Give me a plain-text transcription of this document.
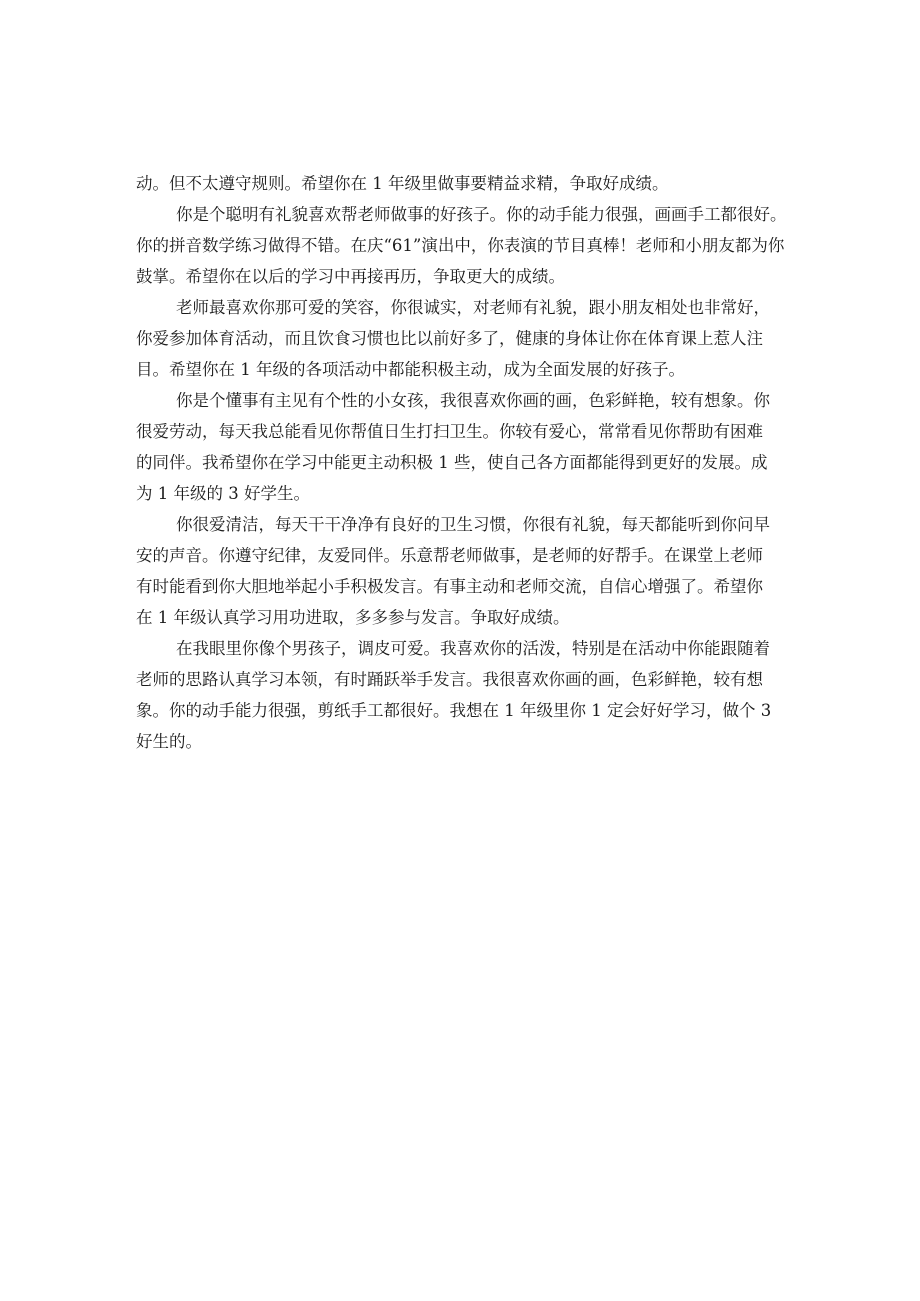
动。但不太遵守规则。希望你在 1 年级里做事要精益求精，争取好成绩。
你是个聪明有礼貌喜欢帮老师做事的好孩子。你的动手能力很强，画画手工都很好。
你的拼音数学练习做得不错。在庆“61”演出中，你表演的节目真棒！老师和小朋友都为你
鼓掌。希望你在以后的学习中再接再历，争取更大的成绩。
老师最喜欢你那可爱的笑容，你很诚实，对老师有礼貌，跟小朋友相处也非常好，
你爱参加体育活动，而且饮食习惯也比以前好多了，健康的身体让你在体育课上惹人注
目。希望你在 1 年级的各项活动中都能积极主动，成为全面发展的好孩子。
你是个懂事有主见有个性的小女孩，我很喜欢你画的画，色彩鲜艳，较有想象。你
很爱劳动，每天我总能看见你帮值日生打扫卫生。你较有爱心，常常看见你帮助有困难
的同伴。我希望你在学习中能更主动积极 1 些，使自己各方面都能得到更好的发展。成
为 1 年级的 3 好学生。
你很爱清洁，每天干干净净有良好的卫生习惯，你很有礼貌，每天都能听到你问早
安的声音。你遵守纪律，友爱同伴。乐意帮老师做事，是老师的好帮手。在课堂上老师
有时能看到你大胆地举起小手积极发言。有事主动和老师交流，自信心增强了。希望你
在 1 年级认真学习用功进取，多多参与发言。争取好成绩。
在我眼里你像个男孩子，调皮可爱。我喜欢你的活泼，特别是在活动中你能跟随着
老师的思路认真学习本领，有时踊跃举手发言。我很喜欢你画的画，色彩鲜艳，较有想
象。你的动手能力很强，剪纸手工都很好。我想在 1 年级里你 1 定会好好学习，做个 3
好生的。
